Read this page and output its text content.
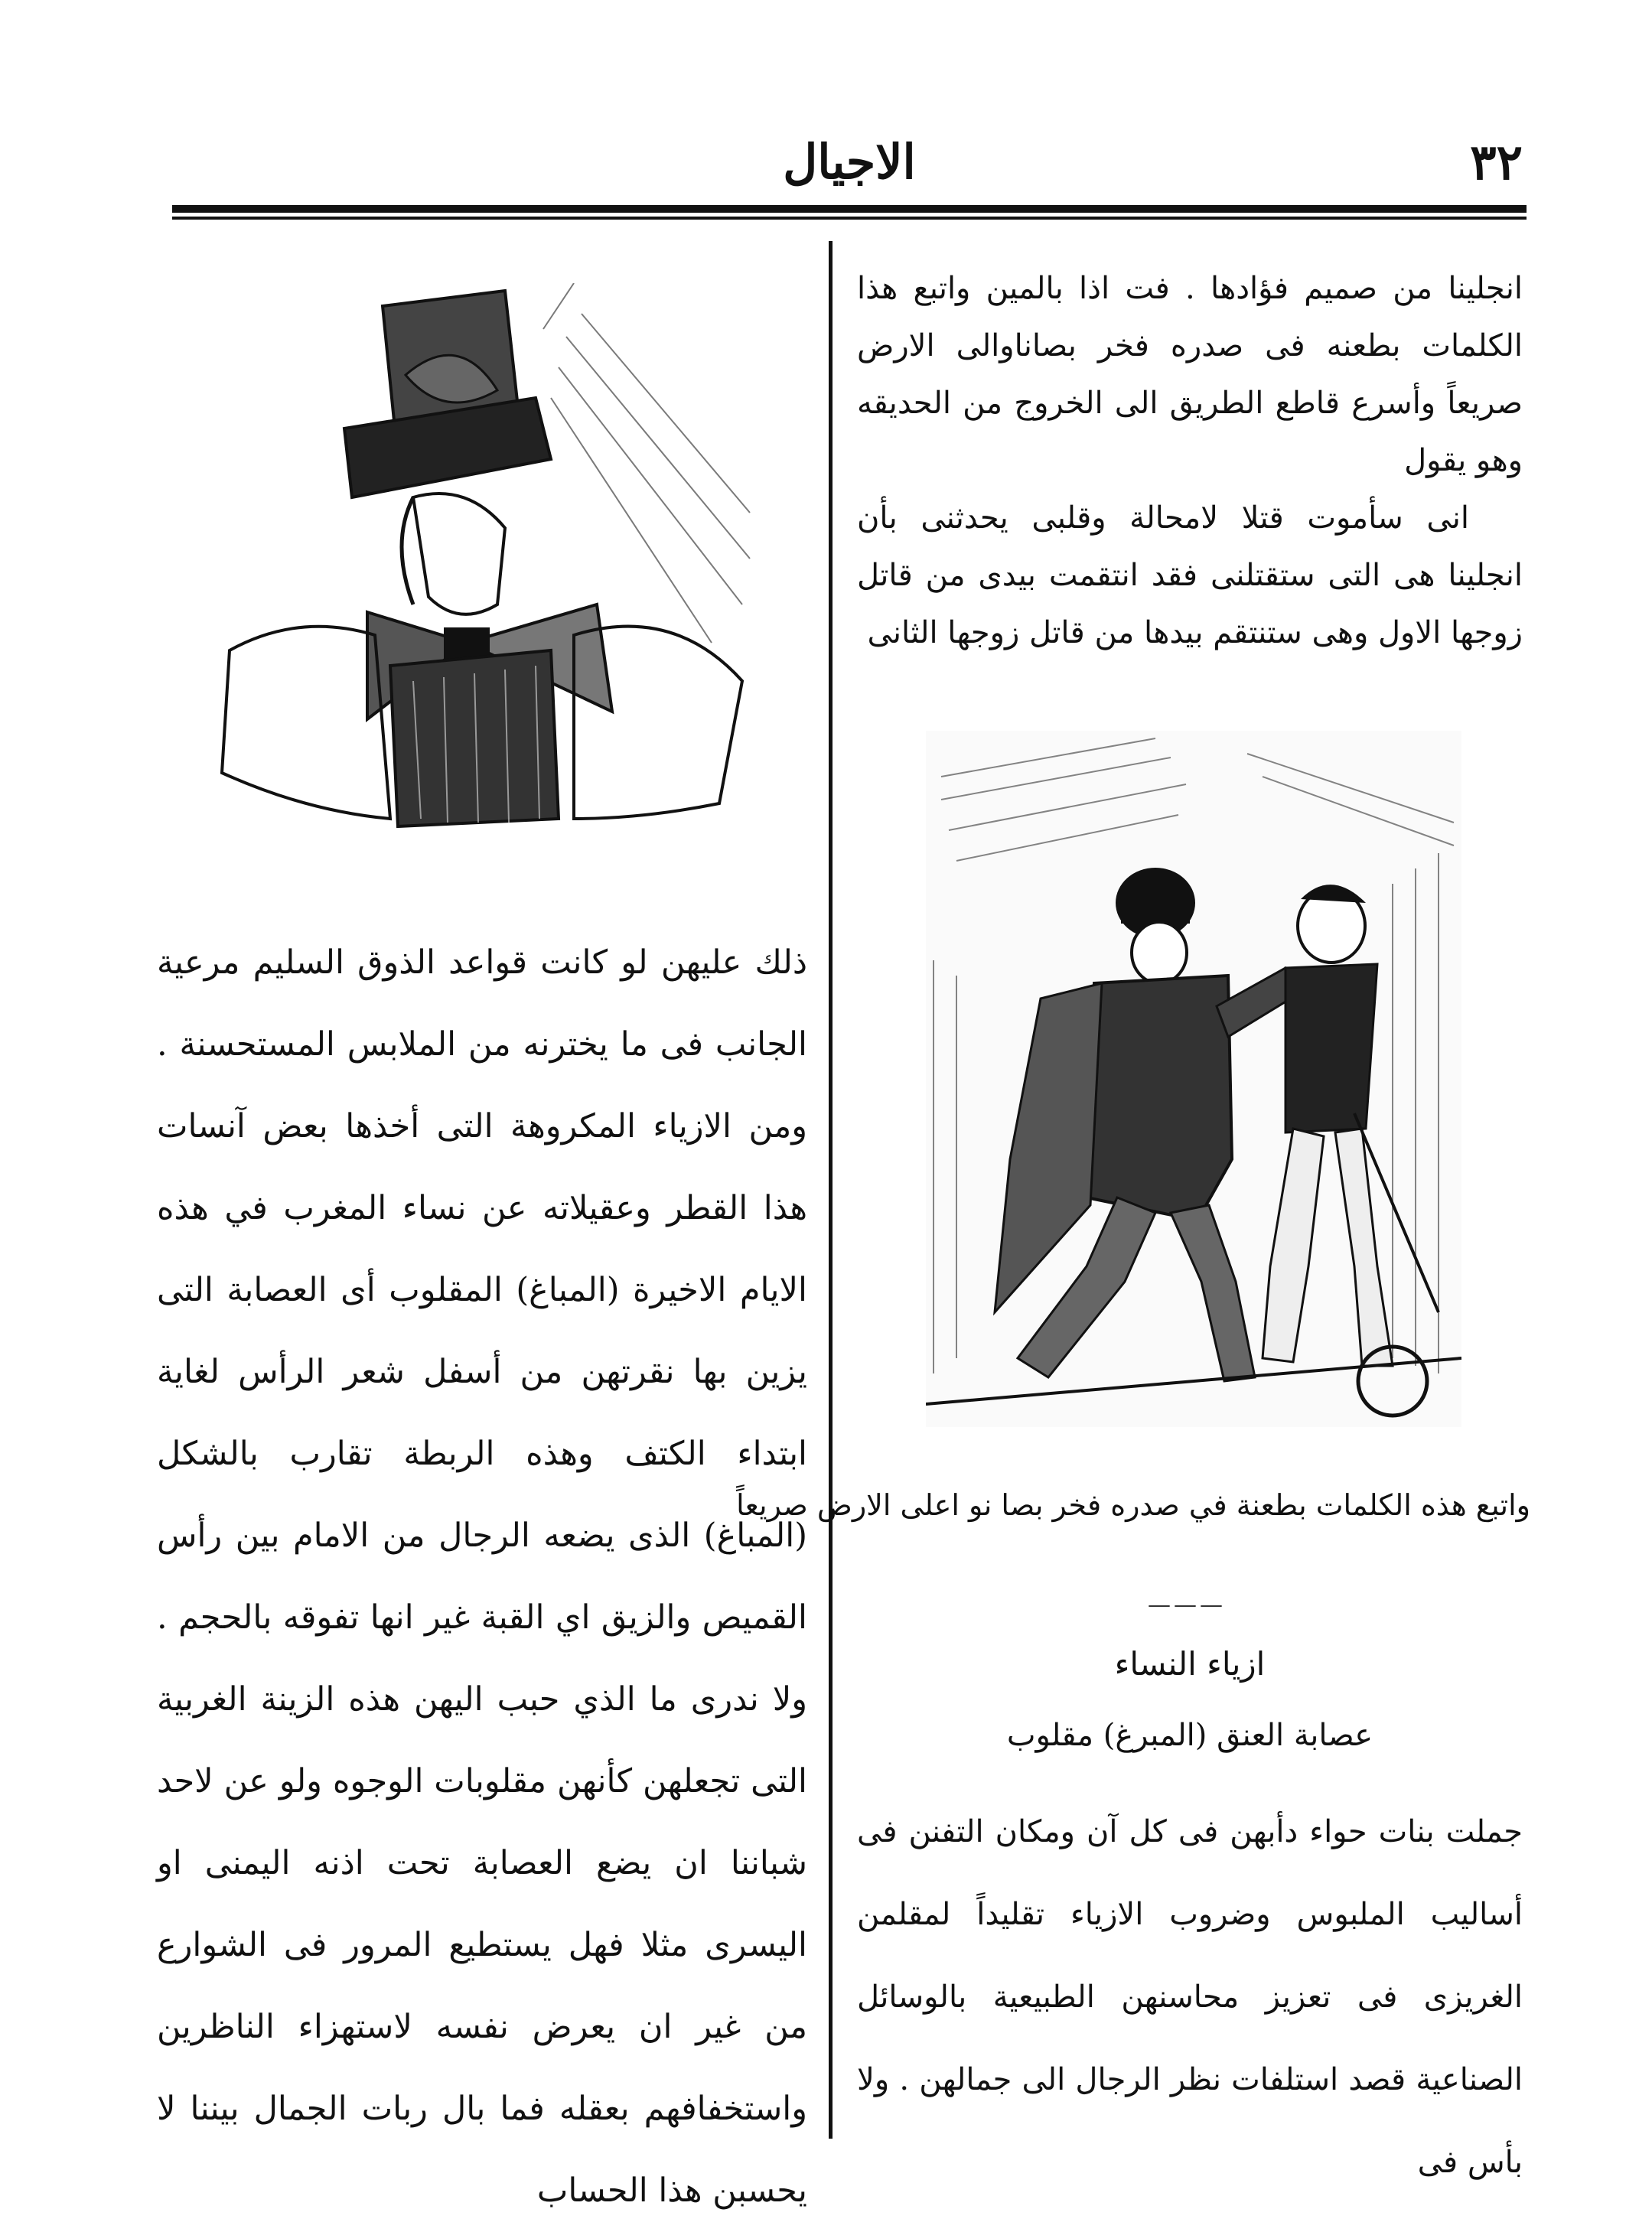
٣٢
الاجيال

انجلينا من صميم فؤادها . فت اذا بالمين واتبع هذا الكلمات بطعنه فى صدره فخر بصاناوالى الارض صريعاً وأسرع قاطع الطريق الى الخروج من الحديقه وهو يقول

انى سأموت قتلا لامحالة وقلبى يحدثنى بأن انجلينا هى التى ستقتلنى فقد انتقمت بيدى من قاتل زوجها الاول وهى ستنتقم بيدها من قاتل زوجها الثانى

واتبع هذه الكلمات بطعنة في صدره فخر بصا نو اعلى الارض صريعاً
———
ازياء النساء
عصابة العنق (المبرغ) مقلوب

جملت بنات حواء دأبهن فى كل آن ومكان التفنن فى أساليب الملبوس وضروب الازياء تقليداً لمقلمن الغريزى فى تعزيز محاسنهن الطبيعية بالوسائل الصناعية قصد استلفات نظر الرجال الى جمالهن . ولا بأس فى

ذلك عليهن لو كانت قواعد الذوق السليم مرعية الجانب فى ما يخترنه من الملابس المستحسنة . ومن الازياء المكروهة التى أخذها بعض آنسات هذا القطر وعقيلاته عن نساء المغرب في هذه الايام الاخيرة (المباغ) المقلوب أى العصابة التى يزين بها نقرتهن من أسفل شعر الرأس لغاية ابتداء الكتف وهذه الربطة تقارب بالشكل (المباغ) الذى يضعه الرجال من الامام بين رأس القميص والزيق اي القبة غير انها تفوقه بالحجم . ولا ندرى ما الذي حبب اليهن هذه الزينة الغربية التى تجعلهن كأنهن مقلوبات الوجوه ولو عن لاحد شباننا ان يضع العصابة تحت اذنه اليمنى او اليسرى مثلا فهل يستطيع المرور فى الشوارع من غير ان يعرض نفسه لاستهزاء الناظرين واستخفافهم بعقله فما بال ربات الجمال بيننا لا يحسبن هذا الحساب
